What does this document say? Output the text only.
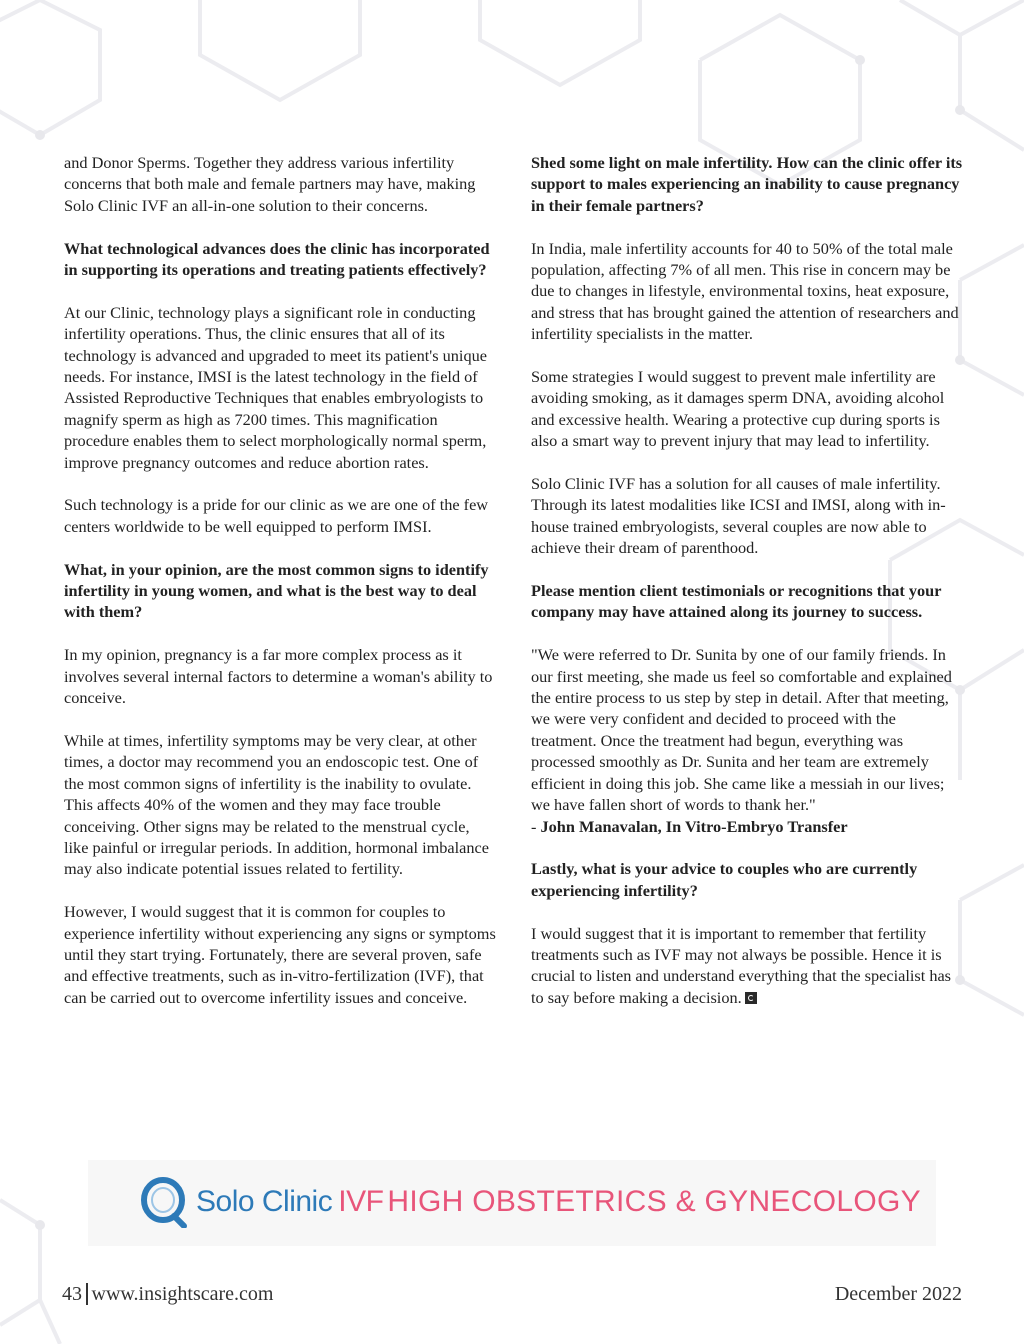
and Donor Sperms. Together they address various infertility concerns that both male and female partners may have, making Solo Clinic IVF an all-in-one solution to their concerns.

What technological advances does the clinic has incorporated in supporting its operations and treating patients effectively?

At our Clinic, technology plays a significant role in conducting infertility operations. Thus, the clinic ensures that all of its technology is advanced and upgraded to meet its patient's unique needs. For instance, IMSI is the latest technology in the field of Assisted Reproductive Techniques that enables embryologists to magnify sperm as high as 7200 times. This magnification procedure enables them to select morphologically normal sperm, improve pregnancy outcomes and reduce abortion rates.

Such technology is a pride for our clinic as we are one of the few centers worldwide to be well equipped to perform IMSI.

What, in your opinion, are the most common signs to identify infertility in young women, and what is the best way to deal with them?

In my opinion, pregnancy is a far more complex process as it involves several internal factors to determine a woman's ability to conceive.

While at times, infertility symptoms may be very clear, at other times, a doctor may recommend you an endoscopic test. One of the most common signs of infertility is the inability to ovulate. This affects 40% of the women and they may face trouble conceiving. Other signs may be related to the menstrual cycle, like painful or irregular periods. In addition, hormonal imbalance may also indicate potential issues related to fertility.

However, I would suggest that it is common for couples to experience infertility without experiencing any signs or symptoms until they start trying. Fortunately, there are several proven, safe and effective treatments, such as in-vitro-fertilization (IVF), that can be carried out to overcome infertility issues and conceive.

Shed some light on male infertility. How can the clinic offer its support to males experiencing an inability to cause pregnancy in their female partners?

In India, male infertility accounts for 40 to 50% of the total male population, affecting 7% of all men. This rise in concern may be due to changes in lifestyle, environmental toxins, heat exposure, and stress that has brought gained the attention of researchers and infertility specialists in the matter.

Some strategies I would suggest to prevent male infertility are avoiding smoking, as it damages sperm DNA, avoiding alcohol and excessive health. Wearing a protective cup during sports is also a smart way to prevent injury that may lead to infertility.

Solo Clinic IVF has a solution for all causes of male infertility. Through its latest modalities like ICSI and IMSI, along with in-house trained embryologists, several couples are now able to achieve their dream of parenthood.

Please mention client testimonials or recognitions that your company may have attained along its journey to success.

"We were referred to Dr. Sunita by one of our family friends. In our first meeting, she made us feel so comfortable and explained the entire process to us step by step in detail. After that meeting, we were very confident and decided to proceed with the treatment. Once the treatment had begun, everything was processed smoothly as Dr. Sunita and her team are extremely efficient in doing this job. She came like a messiah in our lives; we have fallen short of words to thank her."
- John Manavalan, In Vitro-Embryo Transfer

Lastly, what is your advice to couples who are currently experiencing infertility?

I would suggest that it is important to remember that fertility treatments such as IVF may not always be possible. Hence it is crucial to listen and understand everything that the specialist has to say before making a decision.

Solo Clinic IVF HIGH OBSTETRICS & GYNECOLOGY
43 www.insightscare.com	December 2022
